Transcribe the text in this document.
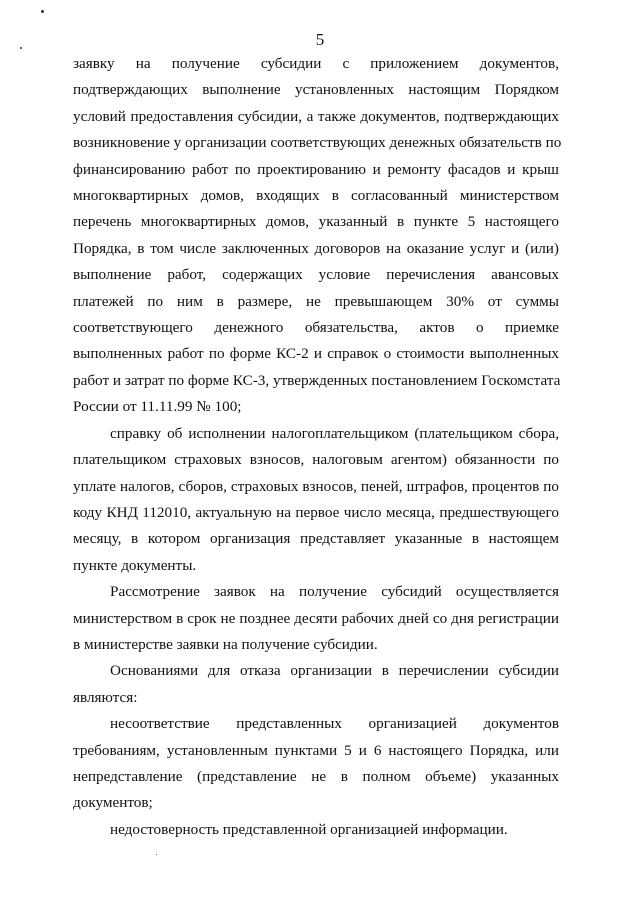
5
заявку на получение субсидии с приложением документов,
подтверждающих выполнение установленных настоящим Порядком
условий предоставления субсидии, а также документов, подтверждающих
возникновение у организации соответствующих денежных обязательств по
финансированию работ по проектированию и ремонту фасадов и крыш
многоквартирных домов, входящих в согласованный министерством
перечень многоквартирных домов, указанный в пункте 5 настоящего
Порядка, в том числе заключенных договоров на оказание услуг и (или)
выполнение работ, содержащих условие перечисления авансовых
платежей по ним в размере, не превышающем 30% от суммы
соответствующего денежного обязательства, актов о приемке
выполненных работ по форме КС-2 и справок о стоимости выполненных
работ и затрат по форме КС-3, утвержденных постановлением Госкомстата
России от 11.11.99 № 100;
справку об исполнении налогоплательщиком (плательщиком сбора,
плательщиком страховых взносов, налоговым агентом) обязанности по
уплате налогов, сборов, страховых взносов, пеней, штрафов, процентов по
коду КНД 112010, актуальную на первое число месяца, предшествующего
месяцу, в котором организация представляет указанные в настоящем
пункте документы.
Рассмотрение заявок на получение субсидий осуществляется
министерством в срок не позднее десяти рабочих дней со дня регистрации
в министерстве заявки на получение субсидии.
Основаниями для отказа организации в перечислении субсидии
являются:
несоответствие представленных организацией документов
требованиям, установленным пунктами 5 и 6 настоящего Порядка, или
непредставление (представление не в полном объеме) указанных
документов;
недостоверность представленной организацией информации.
